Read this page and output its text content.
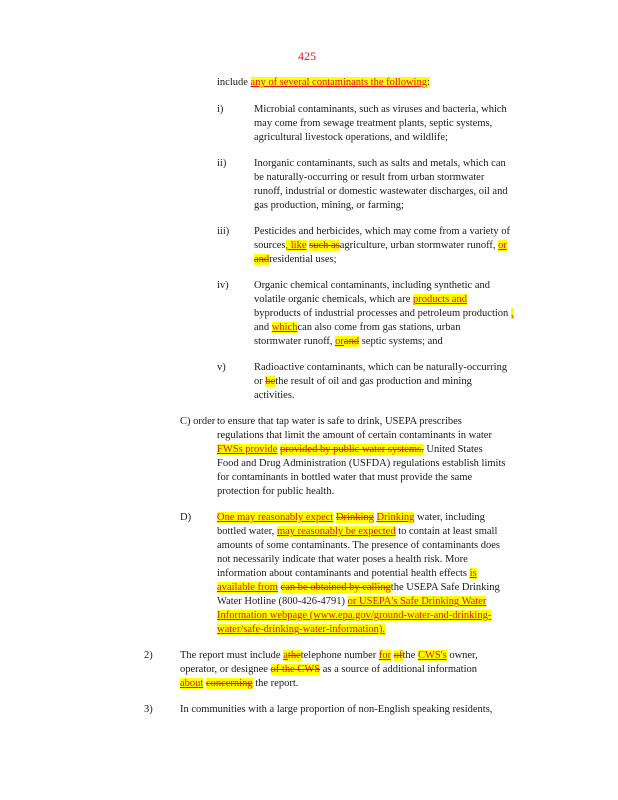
425
include any of several contaminants the following:
i)	Microbial contaminants, such as viruses and bacteria, which
may come from sewage treatment plants, septic systems,
agricultural livestock operations, and wildlife;
ii)	Inorganic contaminants, such as salts and metals, which can
be naturally-occurring or result from urban stormwater
runoff, industrial or domestic wastewater discharges, oil and
gas production, mining, or farming;
iii) Pesticides and herbicides, which may come from a variety of
sources, like such asagriculture, urban stormwater runoff, or
andresidential uses;
iv) Organic chemical contaminants, including synthetic and
volatile organic chemicals, which are products and
byproducts of industrial processes and petroleum production ,
and whichcan also come from gas stations, urban
stormwater runoff, orand septic systems; and
v)	Radioactive contaminants, which can be naturally-occurring
or bethe result of oil and gas production and mining
activities.
C) order to ensure that tap water is safe to drink, USEPA prescribes
regulations that limit the amount of certain contaminants in water
FWSs provide provided by public water systems. United States
Food and Drug Administration (USFDA) regulations establish limits
for contaminants in bottled water that must provide the same
protection for public health.
D) One may reasonably expect Drinking Drinking water, including
bottled water, may reasonably be expected to contain at least small
amounts of some contaminants. The presence of contaminants does
not necessarily indicate that water poses a health risk. More
information about contaminants and potential health effects is
available from can be obtained by callingthe USEPA Safe Drinking
Water Hotline (800-426-4791) or USEPA's Safe Drinking Water
Information webpage (www.epa.gov/ground-water-and-drinking-
water/safe-drinking-water-information).
2)	The report must include athetelephone number for ofthe CWS's owner,
operator, or designee of the CWS as a source of additional information
about concerning the report.
3)	In communities with a large proportion of non-English speaking residents,
